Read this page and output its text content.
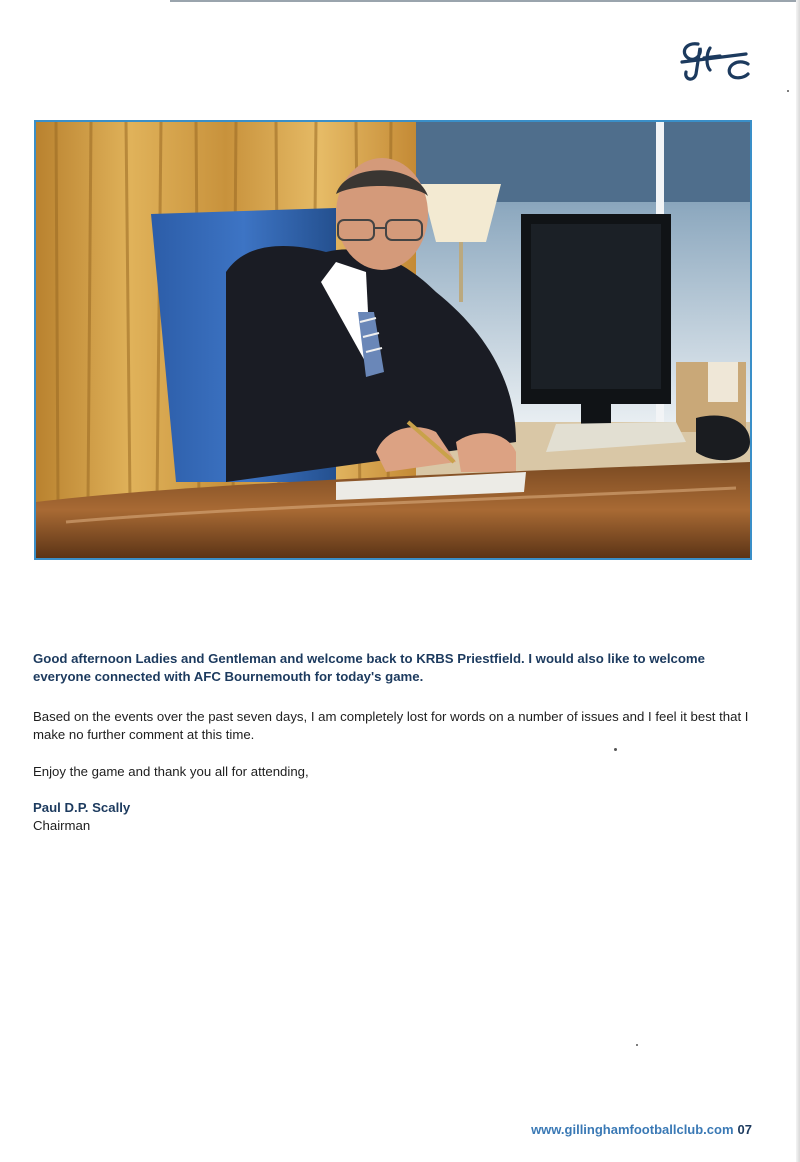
Good afternoon Ladies and Gentleman and welcome back to KRBS Priestfield. I would also like to welcome everyone connected with AFC Bournemouth for today's game.

Based on the events over the past seven days, I am completely lost for words on a number of issues and I feel it best that I make no further comment at this time.

Enjoy the game and thank you all for attending,

Paul D.P. Scally
Chairman
www.gillinghamfootballclub.com 07
